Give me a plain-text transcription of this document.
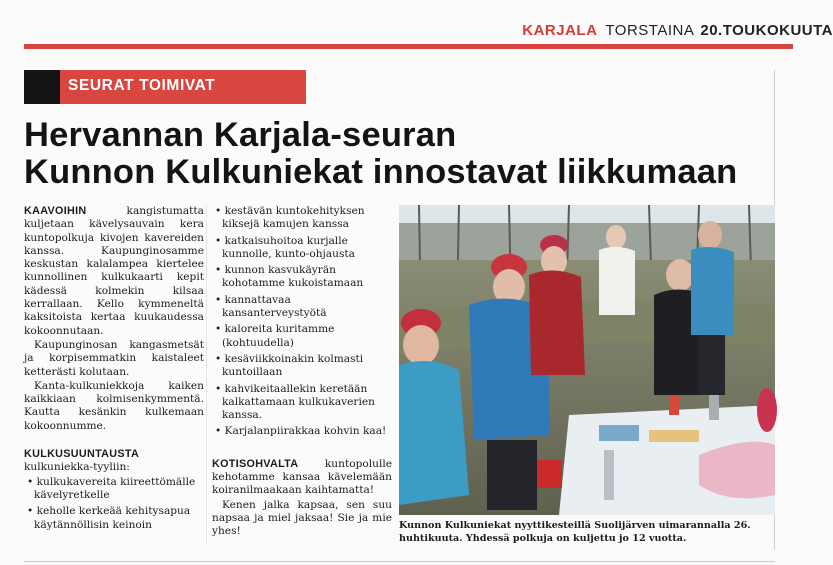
KARJALA TORSTAINA 20.TOUKOKUUTA
SEURAT TOIMIVAT
Hervannan Karjala-seuran
Kunnon Kulkuniekat innostavat liikkumaan

KAAVOIHIN kangistumatta kuljetaan kävelysauvain kera kuntopolkuja kivojen kavereiden kanssa. Kaupunginosamme keskustan kalalampea kiertelee kunnollinen kulkukaarti kepit kädessä kolmekin kilsaa kerrallaan. Kello kymmeneltä kaksitoista kertaa kuukaudessa kokoonnutaan.

Kaupunginosan kangasmetsät ja korpisemmatkin kaistaleet ketterästi kolutaan.

Kanta-kulkuniekkoja kaiken kaikkiaan kolmisenkymmentä. Kautta kesänkin kulkemaan kokoonnumme.

KULKUSUUNTAUSTA kulkuniekka-tyyliin:

• kulkukavereita kiireettömälle kävelyretkelle

• keholle kerkeää kehitysapua käytännöllisin keinoin

• kestävän kuntokehityksen kiksejä kamujen kanssa

• katkaisuhoitoa kurjalle kunnolle, kunto-ohjausta

• kunnon kasvukäyrän kohotamme kukoistamaan

• kannattavaa kansanterveystyötä

• kaloreita kuritamme (kohtuudella)

• kesäviikkoinakin kolmasti kuntoillaan

• kahvikeitaallekin keretään kalkattamaan kulkukaverien kanssa.

• Karjalanpiirakkaa kohvin kaa!

KOTISOHVALTA kuntopolulle kehotamme kansaa kävelemään koiranilmaakaan kaihtamatta!

Kenen jalka kapsaa, sen suu napsaa ja miel jaksaa! Sie ja mie yhes!	Kunnon Kulkuniekat nyyttikesteillä Suolijärven uimarannalla 26. huhtikuuta. Yhdessä polkuja on kuljettu jo 12 vuotta.
